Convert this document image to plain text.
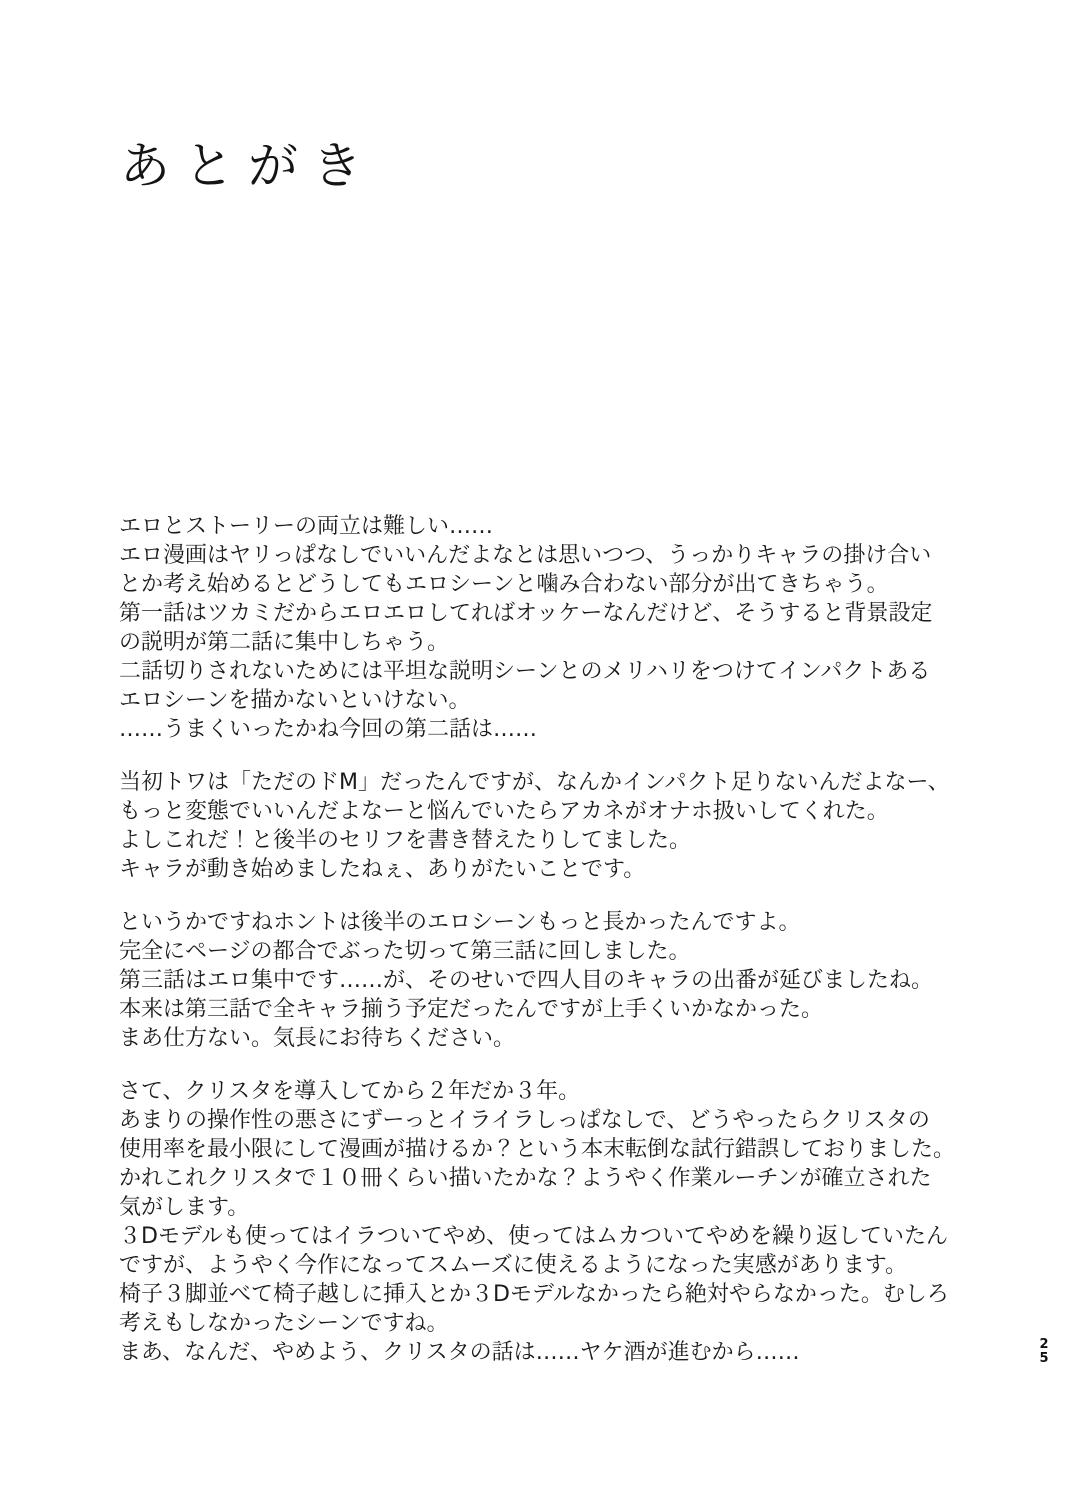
あとがき
エロとストーリーの両立は難しい……
エロ漫画はヤリっぱなしでいいんだよなとは思いつつ、うっかりキャラの掛け合い
とか考え始めるとどうしてもエロシーンと噛み合わない部分が出てきちゃう。
第一話はツカミだからエロエロしてればオッケーなんだけど、そうすると背景設定
の説明が第二話に集中しちゃう。
二話切りされないためには平坦な説明シーンとのメリハリをつけてインパクトある
エロシーンを描かないといけない。
……うまくいったかね今回の第二話は……
当初トワは「ただのドM」だったんですが、なんかインパクト足りないんだよなー、
もっと変態でいいんだよなーと悩んでいたらアカネがオナホ扱いしてくれた。
よしこれだ！と後半のセリフを書き替えたりしてました。
キャラが動き始めましたねぇ、ありがたいことです。
というかですねホントは後半のエロシーンもっと長かったんですよ。
完全にページの都合でぶった切って第三話に回しました。
第三話はエロ集中です……が、そのせいで四人目のキャラの出番が延びましたね。
本来は第三話で全キャラ揃う予定だったんですが上手くいかなかった。
まあ仕方ない。気長にお待ちください。
さて、クリスタを導入してから２年だか３年。
あまりの操作性の悪さにずーっとイライラしっぱなしで、どうやったらクリスタの
使用率を最小限にして漫画が描けるか？という本末転倒な試行錯誤しておりました。
かれこれクリスタで１０冊くらい描いたかな？ようやく作業ルーチンが確立された
気がします。
３Dモデルも使ってはイラついてやめ、使ってはムカついてやめを繰り返していたん
ですが、ようやく今作になってスムーズに使えるようになった実感があります。
椅子３脚並べて椅子越しに挿入とか３Dモデルなかったら絶対やらなかった。むしろ
考えもしなかったシーンですね。
まあ、なんだ、やめよう、クリスタの話は……ヤケ酒が進むから……	2
5
